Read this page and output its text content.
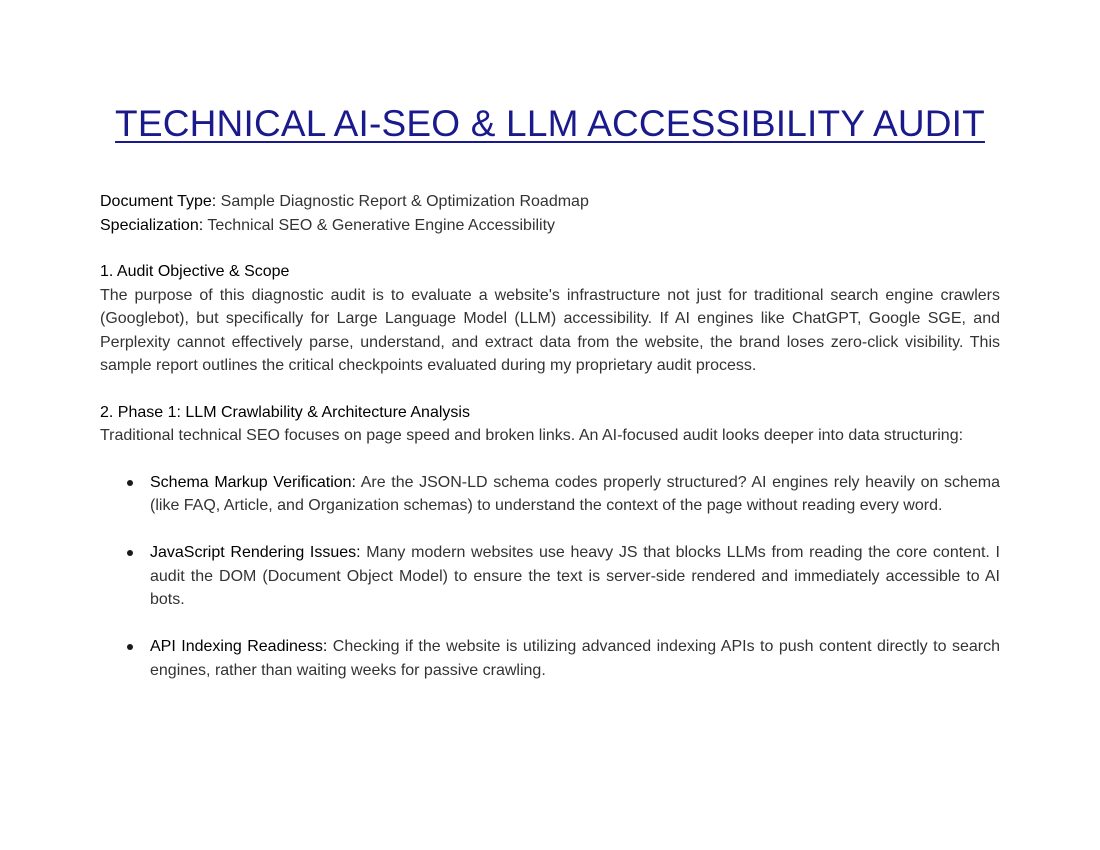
TECHNICAL AI-SEO & LLM ACCESSIBILITY AUDIT

Document Type: Sample Diagnostic Report & Optimization Roadmap

Specialization: Technical SEO & Generative Engine Accessibility

1. Audit Objective & Scope

The purpose of this diagnostic audit is to evaluate a website's infrastructure not just for traditional search engine crawlers (Googlebot), but specifically for Large Language Model (LLM) accessibility. If AI engines like ChatGPT, Google SGE, and Perplexity cannot effectively parse, understand, and extract data from the website, the brand loses zero-click visibility. This sample report outlines the critical checkpoints evaluated during my proprietary audit process.

2. Phase 1: LLM Crawlability & Architecture Analysis

Traditional technical SEO focuses on page speed and broken links. An AI-focused audit looks deeper into data structuring:

Schema Markup Verification: Are the JSON-LD schema codes properly structured? AI engines rely heavily on schema (like FAQ, Article, and Organization schemas) to understand the context of the page without reading every word.
JavaScript Rendering Issues: Many modern websites use heavy JS that blocks LLMs from reading the core content. I audit the DOM (Document Object Model) to ensure the text is server-side rendered and immediately accessible to AI bots.
API Indexing Readiness: Checking if the website is utilizing advanced indexing APIs to push content directly to search engines, rather than waiting weeks for passive crawling.
